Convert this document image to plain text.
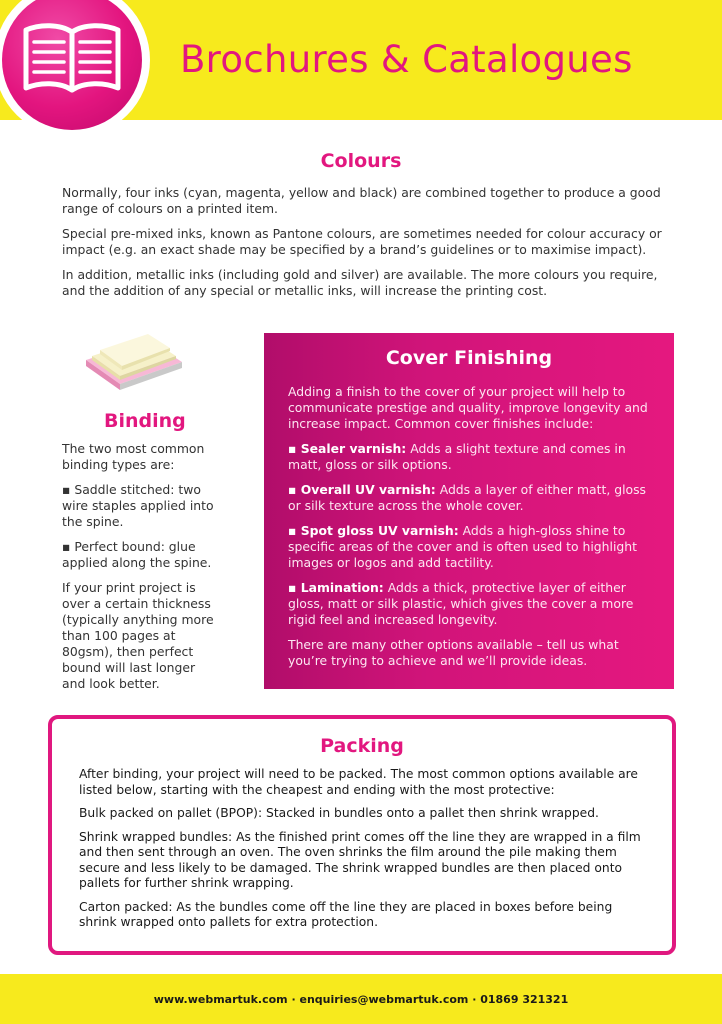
Brochures & Catalogues
Colours

Normally, four inks (cyan, magenta, yellow and black) are combined together to produce a good range of colours on a printed item.

Special pre-mixed inks, known as Pantone colours, are sometimes needed for colour accuracy or impact (e.g. an exact shade may be specified by a brand’s guidelines or to maximise impact).

In addition, metallic inks (including gold and silver) are available. The more colours you require, and the addition of any special or metallic inks, will increase the printing cost.

Binding

The two most common binding types are:

▪ Saddle stitched: two wire staples applied into the spine.

▪ Perfect bound: glue applied along the spine.

If your print project is over a certain thickness (typically anything more than 100 pages at 80gsm), then perfect bound will last longer and look better.

Cover Finishing

Adding a finish to the cover of your project will help to communicate prestige and quality, improve longevity and increase impact. Common cover finishes include:

▪ Sealer varnish: Adds a slight texture and comes in matt, gloss or silk options.

▪ Overall UV varnish: Adds a layer of either matt, gloss or silk texture across the whole cover.

▪ Spot gloss UV varnish: Adds a high-gloss shine to specific areas of the cover and is often used to highlight images or logos and add tactility.

▪ Lamination: Adds a thick, protective layer of either gloss, matt or silk plastic, which gives the cover a more rigid feel and increased longevity.

There are many other options available – tell us what you’re trying to achieve and we’ll provide ideas.

Packing

After binding, your project will need to be packed. The most common options available are listed below, starting with the cheapest and ending with the most protective:

Bulk packed on pallet (BPOP): Stacked in bundles onto a pallet then shrink wrapped.

Shrink wrapped bundles: As the finished print comes off the line they are wrapped in a film and then sent through an oven. The oven shrinks the film around the pile making them secure and less likely to be damaged. The shrink wrapped bundles are then placed onto pallets for further shrink wrapping.

Carton packed: As the bundles come off the line they are placed in boxes before being shrink wrapped onto pallets for extra protection.

www.webmartuk.com · enquiries@webmartuk.com · 01869 321321
